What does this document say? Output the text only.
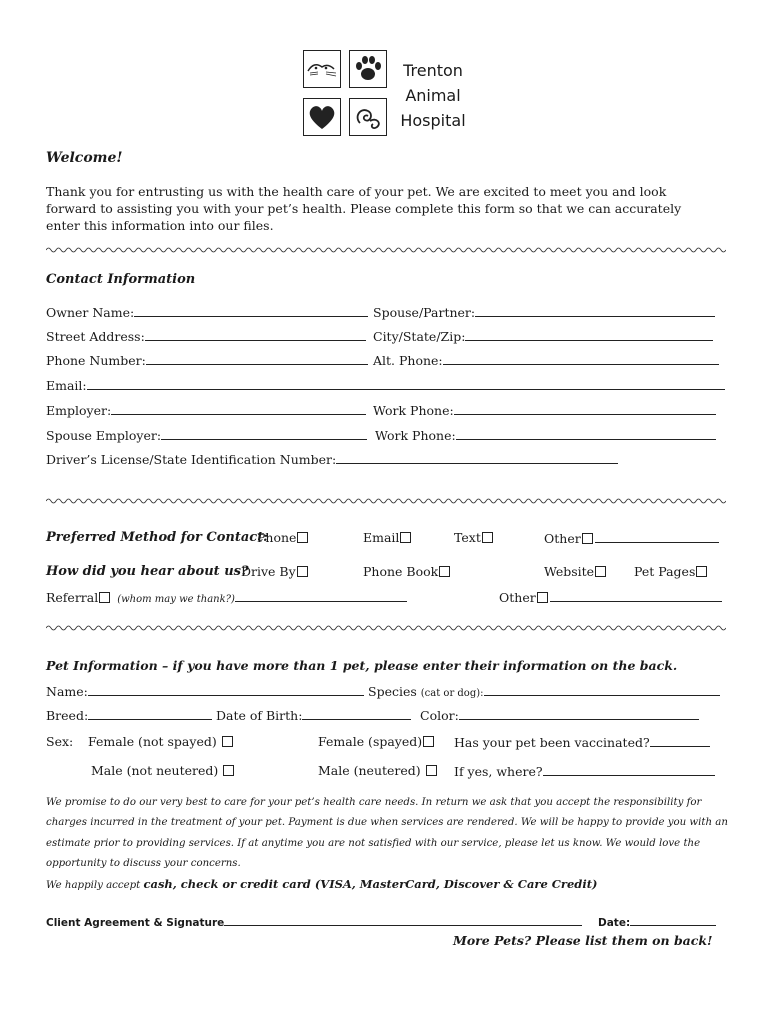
Trenton
Animal
Hospital
Welcome!
Thank you for entrusting us with the health care of your pet. We are excited to meet you and look
forward to assisting you with your pet’s health. Please complete this form so that we can accurately
enter this information into our files.
Contact Information
Owner Name:	Spouse/Partner:
Street Address:	City/State/Zip:
Phone Number:	Alt. Phone:
Email:
Employer:	Work Phone:
Spouse Employer:	Work Phone:
Driver’s License/State Identification Number:
Preferred Method for Contact:
Phone	Email	Text	Other
How did you hear about us?
Drive By	Phone Book	Website	Pet Pages
Referral (whom may we thank?)	Other
Pet Information – if you have more than 1 pet, please enter their information on the back.
Name:	Species (cat or dog):
Breed:	Date of Birth:	Color:
Sex: Female (not spayed)	Female (spayed)	Has your pet been vaccinated?
Male (not neutered)	Male (neutered)	If yes, where?
We promise to do our very best to care for your pet’s health care needs. In return we ask that you accept the responsibility for
charges incurred in the treatment of your pet. Payment is due when services are rendered. We will be happy to provide you with an
estimate prior to providing services. If at anytime you are not satisfied with our service, please let us know. We would love the
opportunity to discuss your concerns.
We happily accept cash, check or credit card (VISA, MasterCard, Discover & Care Credit)
Client Agreement & Signature	Date:
More Pets? Please list them on back!
